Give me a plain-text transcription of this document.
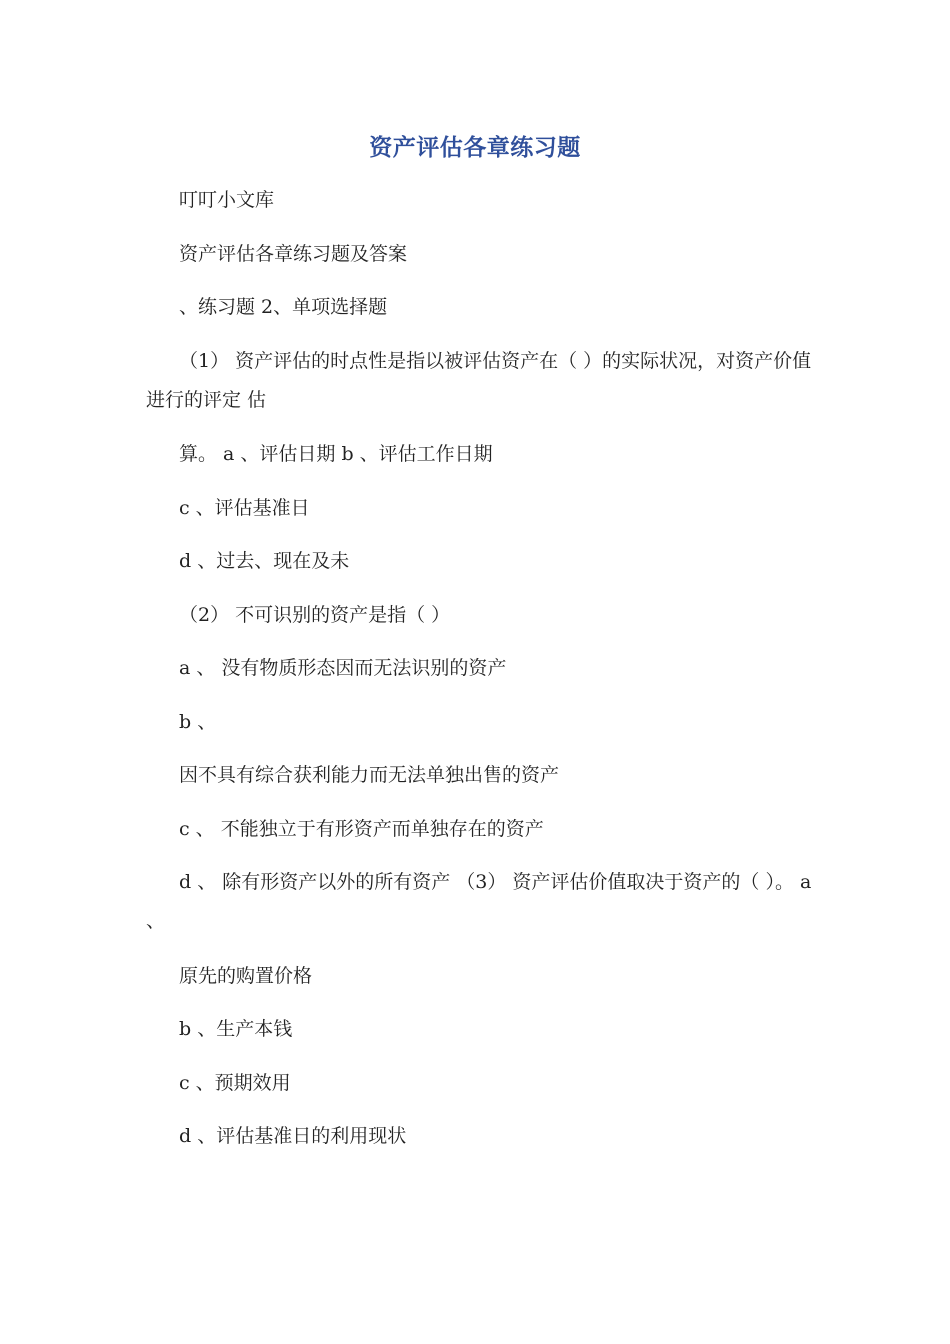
资产评估各章练习题
叮叮小文库
资产评估各章练习题及答案
、练习题 2、单项选择题
（1） 资产评估的时点性是指以被评估资产在（ ）的实际状况，对资产价值进行的评定 估
算。 a 、评估日期 b 、评估工作日期
c 、评估基准日
d 、过去、现在及未
（2） 不可识别的资产是指（ ）
a 、 没有物质形态因而无法识别的资产
b 、
因不具有综合获利能力而无法单独出售的资产
c 、 不能独立于有形资产而单独存在的资产
d 、 除有形资产以外的所有资产 （3） 资产评估价值取决于资产的（ ）。 a 、
原先的购置价格
b 、生产本钱
c 、预期效用
d 、评估基准日的利用现状
